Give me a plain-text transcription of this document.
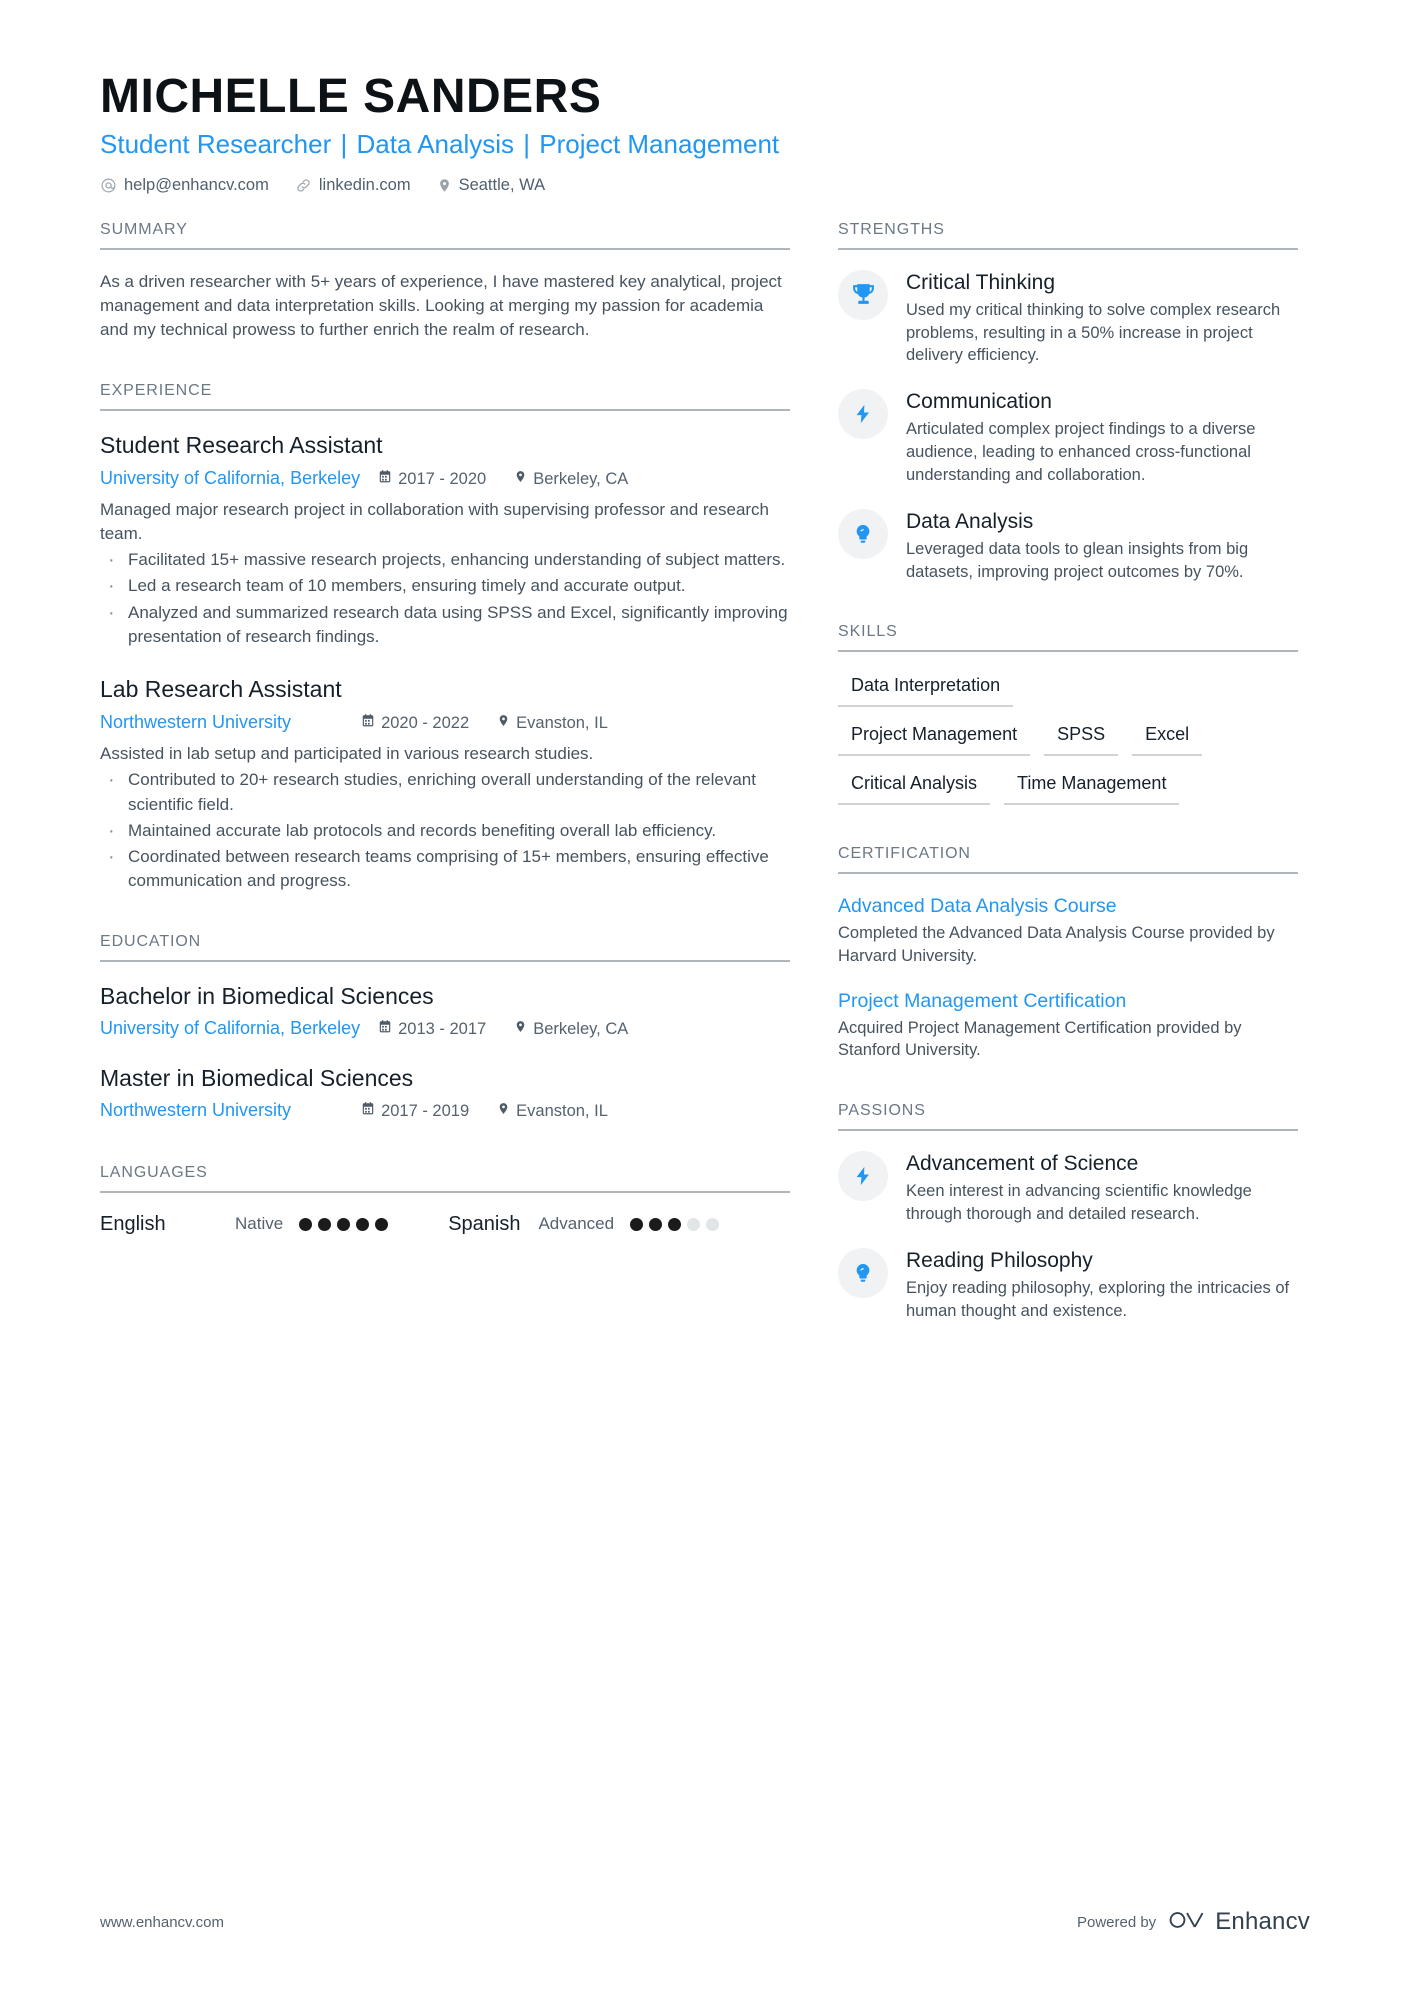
MICHELLE SANDERS
Student Researcher | Data Analysis | Project Management
help@enhancv.com	linkedin.com	Seattle, WA
SUMMARY
As a driven researcher with 5+ years of experience, I have mastered key analytical, project management and data interpretation skills. Looking at merging my passion for academia and my technical prowess to further enrich the realm of research.
EXPERIENCE
Student Research Assistant
University of California, Berkeley 2017 - 2020	Berkeley, CA
Managed major research project in collaboration with supervising professor and research team.
· Facilitated 15+ massive research projects, enhancing understanding of subject matters.
· Led a research team of 10 members, ensuring timely and accurate output.
· Analyzed and summarized research data using SPSS and Excel, significantly improving presentation of research findings.
Lab Research Assistant
Northwestern University	2020 - 2022	Evanston, IL
Assisted in lab setup and participated in various research studies.
· Contributed to 20+ research studies, enriching overall understanding of the relevant scientific field.
· Maintained accurate lab protocols and records benefiting overall lab efficiency.
· Coordinated between research teams comprising of 15+ members, ensuring effective communication and progress.
EDUCATION
Bachelor in Biomedical Sciences
University of California, Berkeley 2013 - 2017	Berkeley, CA
Master in Biomedical Sciences
Northwestern University	2017 - 2019	Evanston, IL
LANGUAGES
English	Native	Spanish Advanced
STRENGTHS
Critical Thinking
Used my critical thinking to solve complex research problems, resulting in a 50% increase in project delivery efficiency.
Communication
Articulated complex project findings to a diverse audience, leading to enhanced cross-functional understanding and collaboration.
Data Analysis
Leveraged data tools to glean insights from big datasets, improving project outcomes by 70%.
SKILLS
Data Interpretation
Project Management	SPSS	Excel
Critical Analysis	Time Management
CERTIFICATION
Advanced Data Analysis Course
Completed the Advanced Data Analysis Course provided by Harvard University.
Project Management Certification
Acquired Project Management Certification provided by Stanford University.
PASSIONS
Advancement of Science
Keen interest in advancing scientific knowledge through thorough and detailed research.
Reading Philosophy
Enjoy reading philosophy, exploring the intricacies of human thought and existence.
www.enhancv.com	Powered by Enhancv
